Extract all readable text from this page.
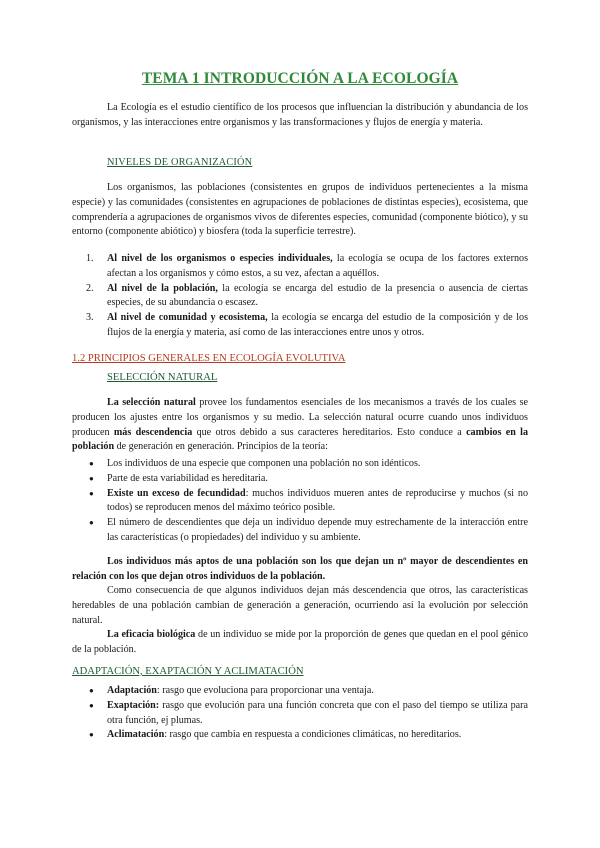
TEMA 1 INTRODUCCIÓN A LA ECOLOGÍA

La Ecología es el estudio científico de los procesos que influencian la distribución y abundancia de los organismos, y las interacciones entre organismos y las transformaciones y flujos de energía y materia.

NIVELES DE ORGANIZACIÓN

Los organismos, las poblaciones (consistentes en grupos de individuos pertenecientes a la misma especie) y las comunidades (consistentes en agrupaciones de poblaciones de distintas especies), ecosistema, que comprendería a agrupaciones de organismos vivos de diferentes especies, comunidad (componente biótico), y su entorno (componente abiótico) y biosfera (toda la superficie terrestre).

1. Al nivel de los organismos o especies individuales, la ecología se ocupa de los factores externos afectan a los organismos y cómo estos, a su vez, afectan a aquéllos.
2. Al nivel de la población, la ecología se encarga del estudio de la presencia o ausencia de ciertas especies, de su abundancia o escasez.
3. Al nivel de comunidad y ecosistema, la ecología se encarga del estudio de la composición y de los flujos de la energía y materia, así como de las interacciones entre unos y otros.
1.2 PRINCIPIOS GENERALES EN ECOLOGÍA EVOLUTIVA
SELECCIÓN NATURAL

La selección natural provee los fundamentos esenciales de los mecanismos a través de los cuales se producen los ajustes entre los organismos y su medio. La selección natural ocurre cuando unos individuos producen más descendencia que otros debido a sus caracteres hereditarios. Esto conduce a cambios en la población de generación en generación. Principios de la teoría:

● Los individuos de una especie que componen una población no son idénticos.
● Parte de esta variabilidad es hereditaria.
● Existe un exceso de fecundidad: muchos individuos mueren antes de reproducirse y muchos (si no todos) se reproducen menos del máximo teórico posible.
● El número de descendientes que deja un individuo depende muy estrechamente de la interacción entre las características (o propiedades) del individuo y su ambiente.

Los individuos más aptos de una población son los que dejan un nº mayor de descendientes en relación con los que dejan otros individuos de la población.

Como consecuencia de que algunos individuos dejan más descendencia que otros, las características heredables de una población cambian de generación a generación, ocurriendo así la evolución por selección natural.

La eficacia biológica de un individuo se mide por la proporción de genes que quedan en el pool génico de la población.

ADAPTACIÓN, EXAPTACIÓN Y ACLIMATACIÓN
● Adaptación: rasgo que evoluciona para proporcionar una ventaja.
● Exaptación: rasgo que evolución para una función concreta que con el paso del tiempo se utiliza para otra función, ej plumas.
● Aclimatación: rasgo que cambia en respuesta a condiciones climáticas, no hereditarios.
